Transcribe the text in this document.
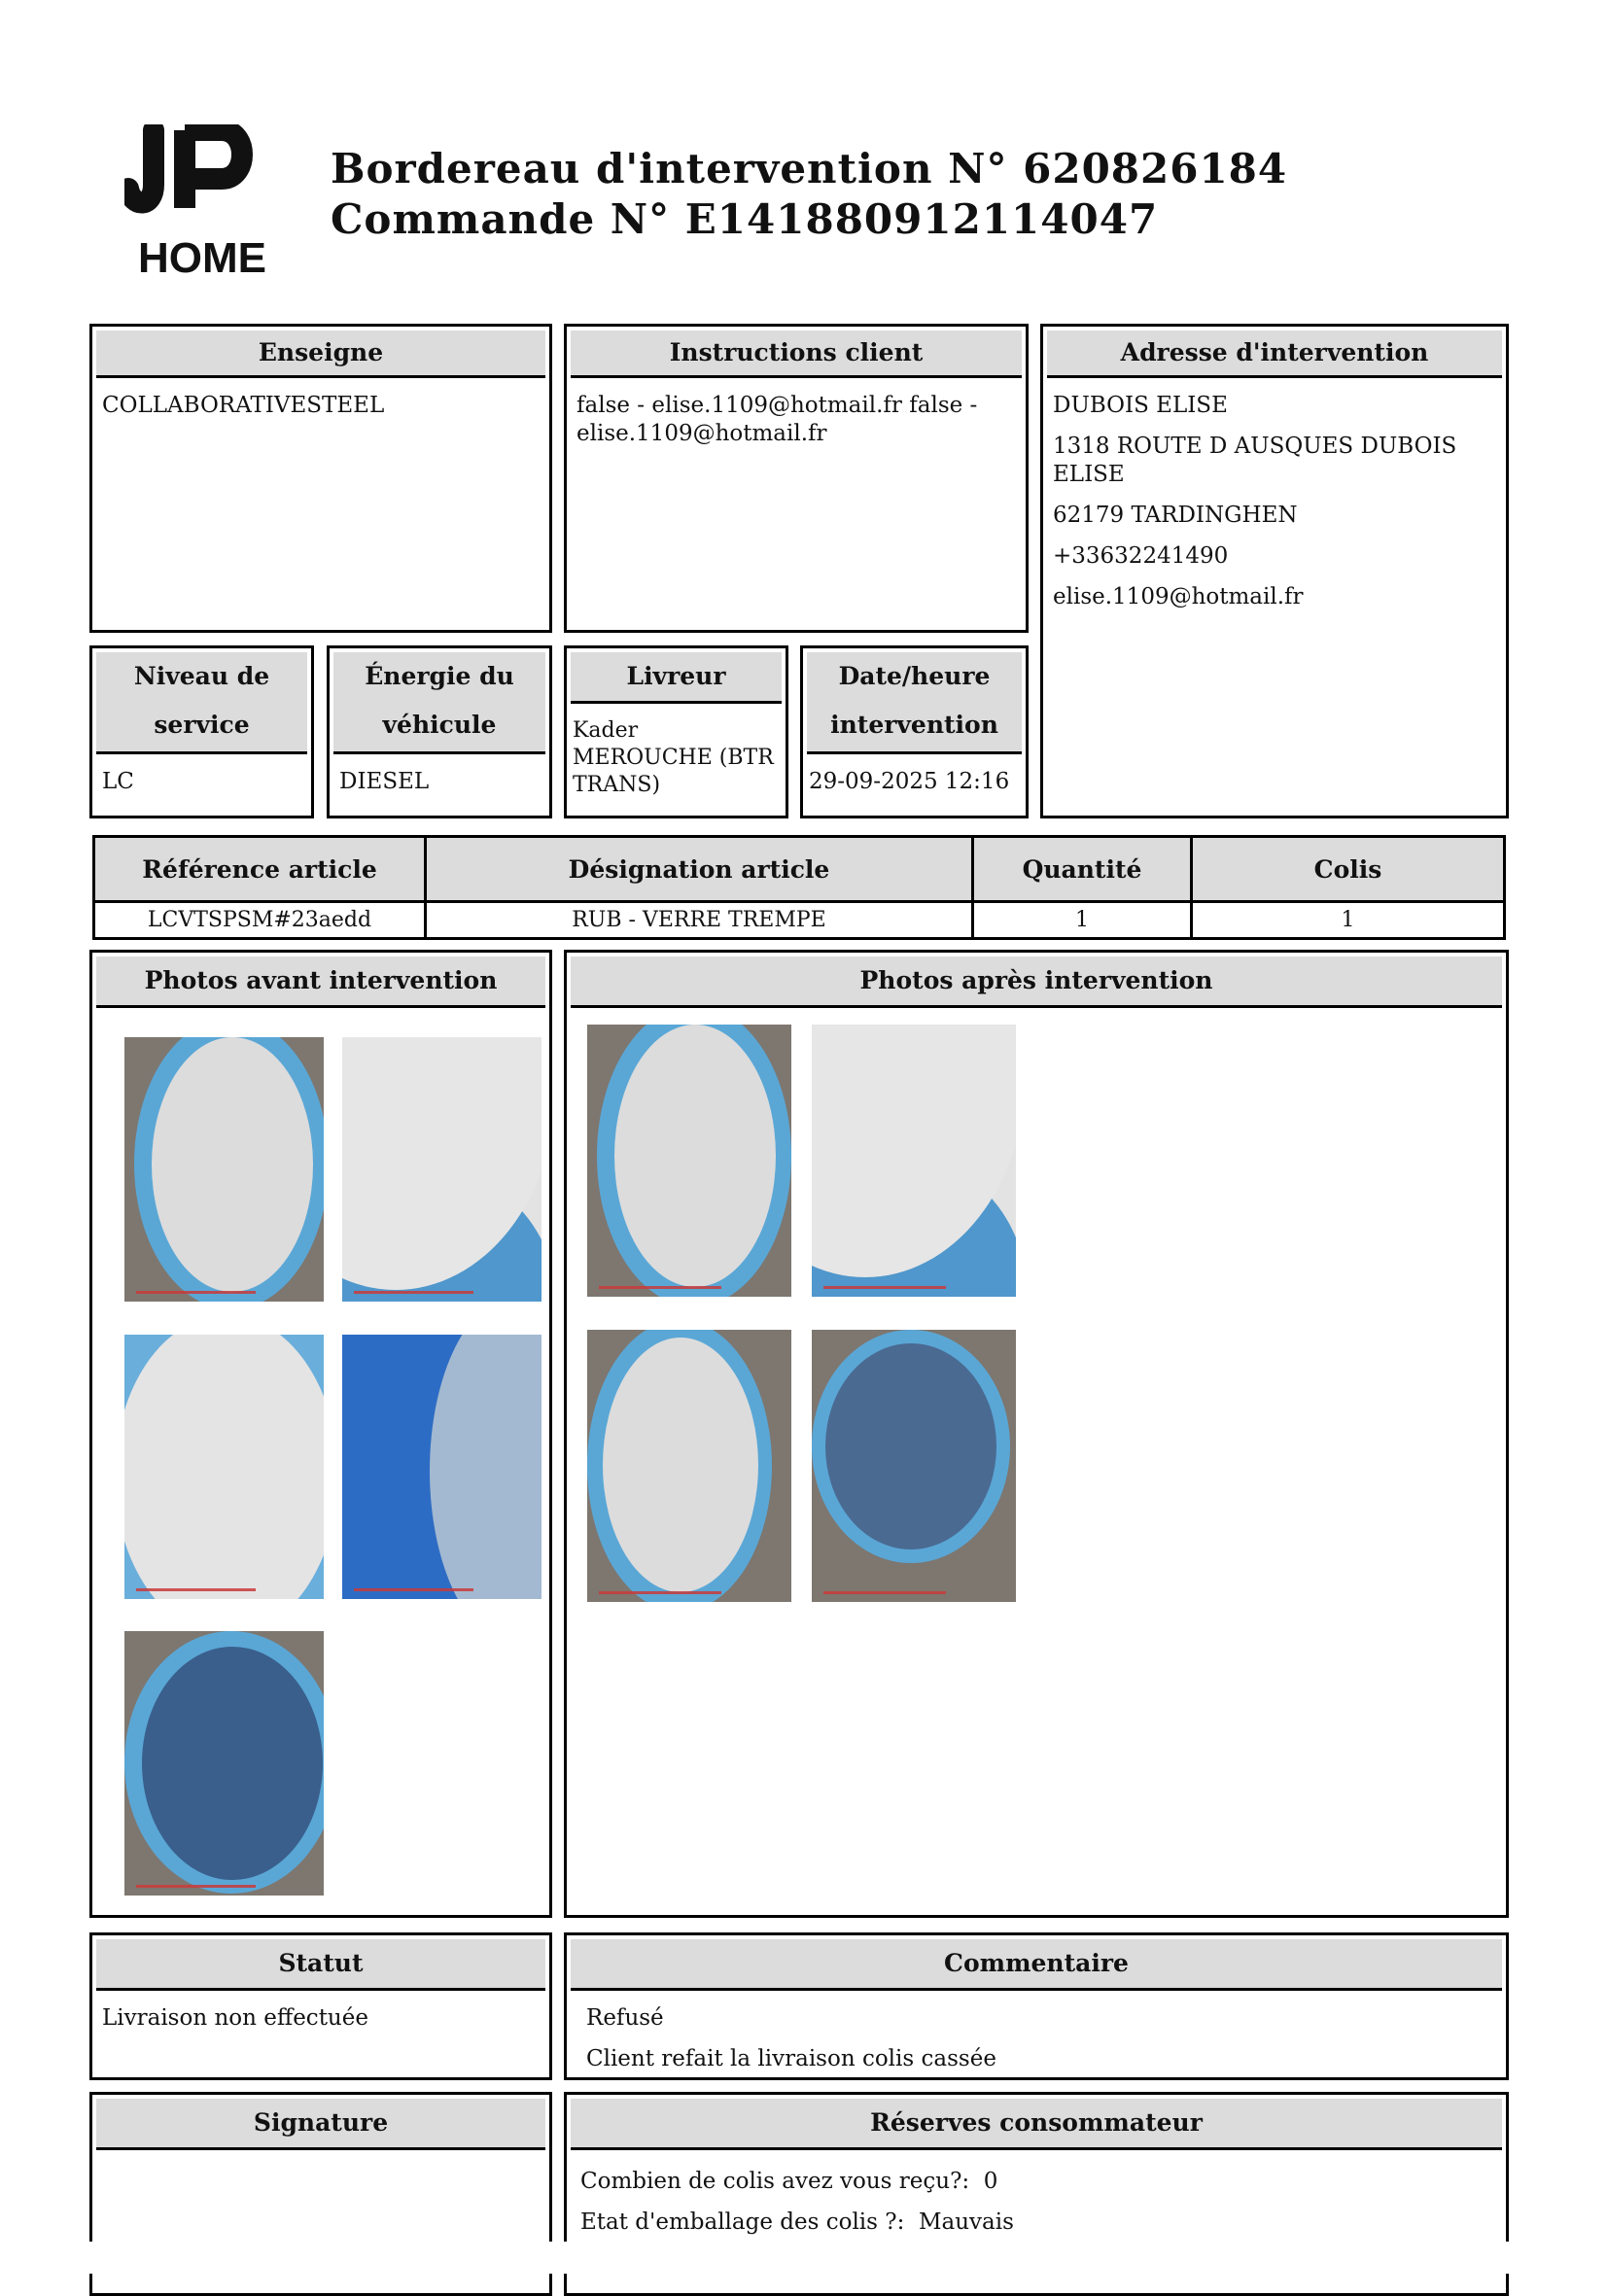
HOME
Bordereau d'intervention N° 620826184
Commande N° E141880912114047
Enseigne
COLLABORATIVESTEEL
Instructions client
false - elise.1109@hotmail.fr false - elise.1109@hotmail.fr
Adresse d'intervention

DUBOIS ELISE

1318 ROUTE D AUSQUES DUBOIS ELISE

62179 TARDINGHEN

+33632241490

elise.1109@hotmail.fr

Niveau de
service
LC
Énergie du
véhicule
DIESEL
Livreur
Kader MEROUCHE (BTR TRANS)
Date/heure
intervention
29-09-2025 12:16
Référence article	Désignation article	Quantité	Colis
LCVTSPSM#23aedd	RUB - VERRE TREMPE	1	1
Photos avant intervention	Photos après intervention
Statut
Livraison non effectuée
Commentaire

Refusé

Client refait la livraison colis cassée

Signature	Réserves consommateur

Combien de colis avez vous reçu?: 0

Etat d'emballage des colis ?: Mauvais
